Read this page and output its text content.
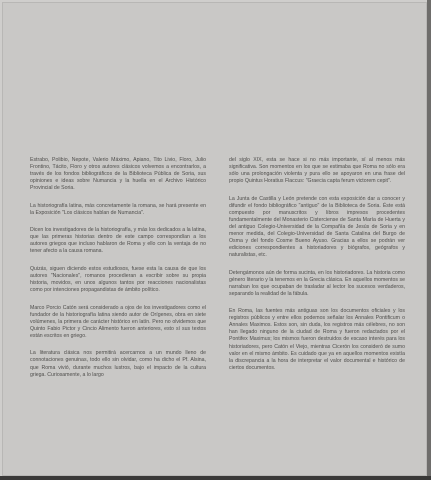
Estrabo, Polibio, Nepote, Valerio Máximo, Apiano, Tito Livio, Floro, Julio Frontino, Tácito, Floro y otros autores clásicos volvemos a encontrarlos, a través de los fondos bibliográficos de la Biblioteca Pública de Soria, sus opiniones e ideas sobre Numancia y la huella en el Archivo Histórico Provincial de Soria.

La historiografía latina, más concretamente la romana, se hará presente en la Exposición "Los clásicos hablan de Numancia".

Dicen los investigadores de la historiografía, y más los dedicados a la latina, que las primeras historias dentro de este campo correspondían a los autores griegos que incluso hablaron de Roma y ello con la ventaja de no tener afecto a la causa romana.

Quizás, siguen diciendo estos estudiosos, fuese esta la causa de que los autores "Nacionales", romanos procedieran a escribir sobre su propia historia, movidos, en unos algunos tantos por reacciones nacionalistas como por intenciones propagandistas de ámbito político.

Marco Porcio Catón será considerado a ojos de los investigadores como el fundador de la historiografía latina siendo autor de Orígenes, obra en siete volúmenes, la primera de carácter histórico en latín. Pero no olvidemos que Quinto Fabio Pictor y Cincio Alimento fueron anteriores, esto sí sus textos están escritos en griego.

La literatura clásica nos permitirá acercarnos a un mundo lleno de connotaciones genuinas, todo ello sin olvidar, como ha dicho el Pf. Alsina, que Roma vivió, durante muchos lustros, bajo el impacto de la cultura griega. Curiosamente, a lo largo

del siglo XIX, esta se hace si no más importante, sí al menos más significativa. Son momentos en los que se estimaba que Roma no sólo era sólo una prolongación violenta y pura ello se apoyaron en una frase del propio Quintus Horatius Flaccus: "Graecia capta ferum victorem cepit".

La Junta de Castilla y León pretende con esta exposición dar a conocer y difundir el fondo bibliográfico "antiguo" de la Biblioteca de Soria. Éste está compuesto por manuscritos y libros impresos procedentes fundamentalmente del Monasterio Cisterciense de Santa María de Huerta y del antiguo Colegio-Universidad de la Compañía de Jesús de Soria y en menor medida, del Colegio-Universidad de Santa Catalina del Burgo de Osma y del fondo Cosme Bueno Ayuso. Gracias a ellos se podrán ver ediciones correspondientes a historiadores y biógrafos, geógrafos y naturalistas, etc.

Detengámonos aún de forma sucinta, en los historiadores. La historia como género literario y la tenemos en la Grecia clásica. En aquellos momentos se narraban los que ocupaban de trasladar al lector los sucesos verdaderos, separando la realidad de la fábula.

En Roma, las fuentes más antiguas son los documentos oficiales y los registros públicos y entre ellos podemos señalar los Annales Pontificum o Annales Maximos. Estos son, sin duda, los registros más célebres, no son han llegado ninguno de la ciudad de Roma y fueron redactados por el Pontifex Maximus; los mismos fueron destruidos de escaso interés para los historiadores, pero Catón el Viejo, mientras Cicerón los consideró de sumo valor en el mismo ámbito. Es cuidado que ya en aquellos momentos existía la discrepancia a la hora de interpretar el valor documental e histórico de ciertos documentos.
